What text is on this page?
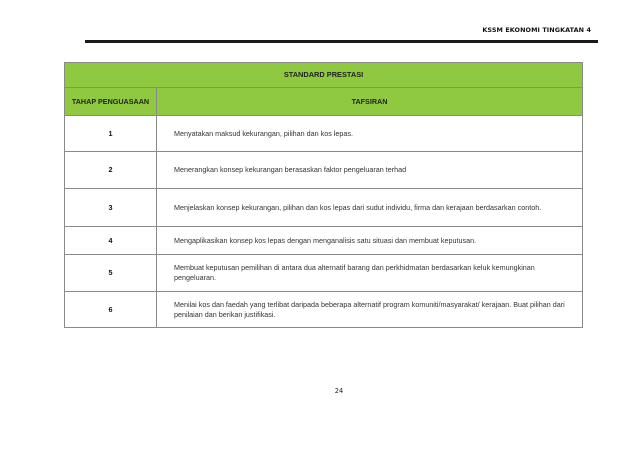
KSSM EKONOMI TINGKATAN 4
STANDARD PRESTASI	
TAHAP PENGUASAAN	TAFSIRAN
1	Menyatakan maksud kekurangan, pilihan dan kos lepas.
2	Menerangkan konsep kekurangan berasaskan faktor pengeluaran terhad
3	Menjelaskan konsep kekurangan, pilihan dan kos lepas dari sudut individu, firma dan kerajaan berdasarkan contoh.
4	Mengaplikasikan konsep kos lepas dengan menganalisis satu situasi dan membuat keputusan.
5	Membuat keputusan pemilihan di antara dua alternatif barang dan perkhidmatan berdasarkan keluk kemungkinan pengeluaran.
6	Menilai kos dan faedah yang terlibat daripada beberapa alternatif program komuniti/masyarakat/ kerajaan. Buat pilihan dari penilaian dan berikan justifikasi.
24
